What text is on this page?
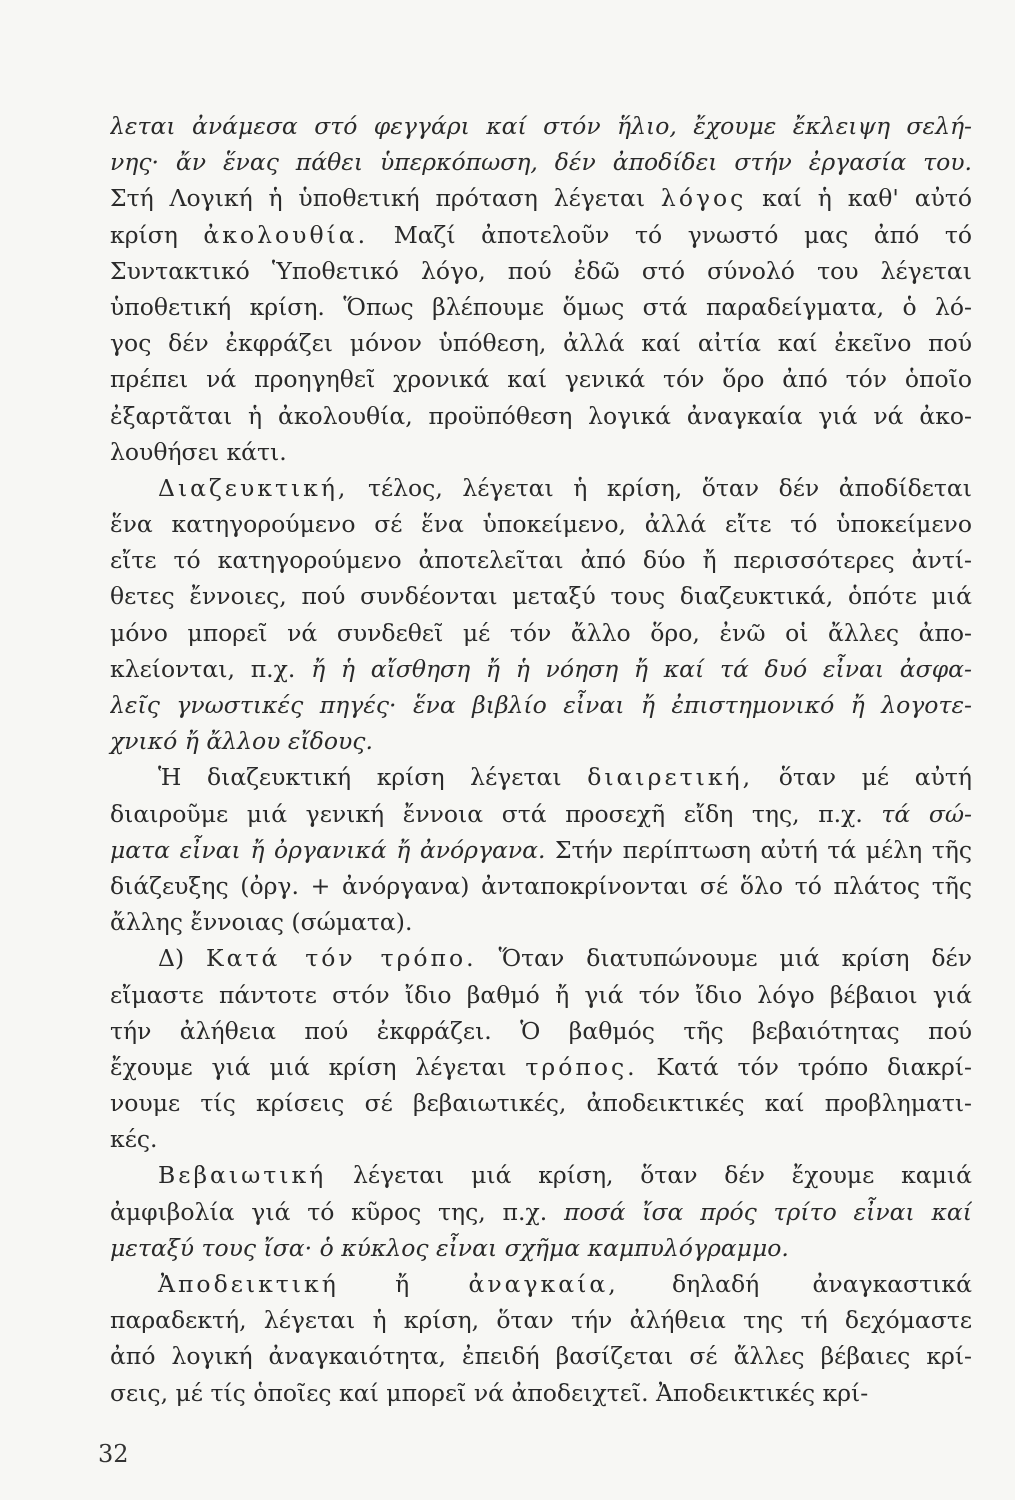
λεται ἀνάμεσα στό φεγγάρι καί στόν ἥλιο, ἔχουμε ἔκλειψη σελή-
νης· ἄν ἕνας πάθει ὑπερκόπωση, δέν ἀποδίδει στήν ἐργασία του.
Στή Λογική ἡ ὑποθετική πρόταση λέγεται λόγος καί ἡ καθ' αὐτό
κρίση ἀκολουθία. Μαζί ἀποτελοῦν τό γνωστό μας ἀπό τό
Συντακτικό Ὑποθετικό λόγο, πού ἐδῶ στό σύνολό του λέγεται
ὑποθετική κρίση. Ὅπως βλέπουμε ὅμως στά παραδείγματα, ὁ λό-
γος δέν ἐκφράζει μόνον ὑπόθεση, ἀλλά καί αἰτία καί ἐκεῖνο πού
πρέπει νά προηγηθεῖ χρονικά καί γενικά τόν ὅρο ἀπό τόν ὁποῖο
ἐξαρτᾶται ἡ ἀκολουθία, προϋπόθεση λογικά ἀναγκαία γιά νά ἀκο-
λουθήσει κάτι.
Διαζευκτική, τέλος, λέγεται ἡ κρίση, ὅταν δέν ἀποδίδεται
ἕνα κατηγορούμενο σέ ἕνα ὑποκείμενο, ἀλλά εἴτε τό ὑποκείμενο
εἴτε τό κατηγορούμενο ἀποτελεῖται ἀπό δύο ἤ περισσότερες ἀντί-
θετες ἔννοιες, πού συνδέονται μεταξύ τους διαζευκτικά, ὁπότε μιά
μόνο μπορεῖ νά συνδεθεῖ μέ τόν ἄλλο ὅρο, ἐνῶ οἱ ἄλλες ἀπο-
κλείονται, π.χ. ἤ ἡ αἴσθηση ἤ ἡ νόηση ἤ καί τά δυό εἶναι ἀσφα-
λεῖς γνωστικές πηγές· ἕνα βιβλίο εἶναι ἤ ἐπιστημονικό ἤ λογοτε-
χνικό ἤ ἄλλου εἴδους.
Ἡ διαζευκτική κρίση λέγεται διαιρετική, ὅταν μέ αὐτή
διαιροῦμε μιά γενική ἔννοια στά προσεχῆ εἴδη της, π.χ. τά σώ-
ματα εἶναι ἤ ὀργανικά ἤ ἀνόργανα. Στήν περίπτωση αὐτή τά μέλη τῆς
διάζευξης (ὀργ. + ἀνόργανα) ἀνταποκρίνονται σέ ὅλο τό πλάτος τῆς
ἄλλης ἔννοιας (σώματα).
Δ) Κατά τόν τρόπο. Ὅταν διατυπώνουμε μιά κρίση δέν
εἴμαστε πάντοτε στόν ἴδιο βαθμό ἤ γιά τόν ἴδιο λόγο βέβαιοι γιά
τήν ἀλήθεια πού ἐκφράζει. Ὁ βαθμός τῆς βεβαιότητας πού
ἔχουμε γιά μιά κρίση λέγεται τρόπος. Κατά τόν τρόπο διακρί-
νουμε τίς κρίσεις σέ βεβαιωτικές, ἀποδεικτικές καί προβληματι-
κές.
Βεβαιωτική λέγεται μιά κρίση, ὅταν δέν ἔχουμε καμιά
ἀμφιβολία γιά τό κῦρος της, π.χ. ποσά ἴσα πρός τρίτο εἶναι καί
μεταξύ τους ἴσα· ὁ κύκλος εἶναι σχῆμα καμπυλόγραμμο.
Ἀποδεικτική ἤ ἀναγκαία, δηλαδή ἀναγκαστικά
παραδεκτή, λέγεται ἡ κρίση, ὅταν τήν ἀλήθεια της τή δεχόμαστε
ἀπό λογική ἀναγκαιότητα, ἐπειδή βασίζεται σέ ἄλλες βέβαιες κρί-
σεις, μέ τίς ὁποῖες καί μπορεῖ νά ἀποδειχτεῖ. Ἀποδεικτικές κρί-
32
